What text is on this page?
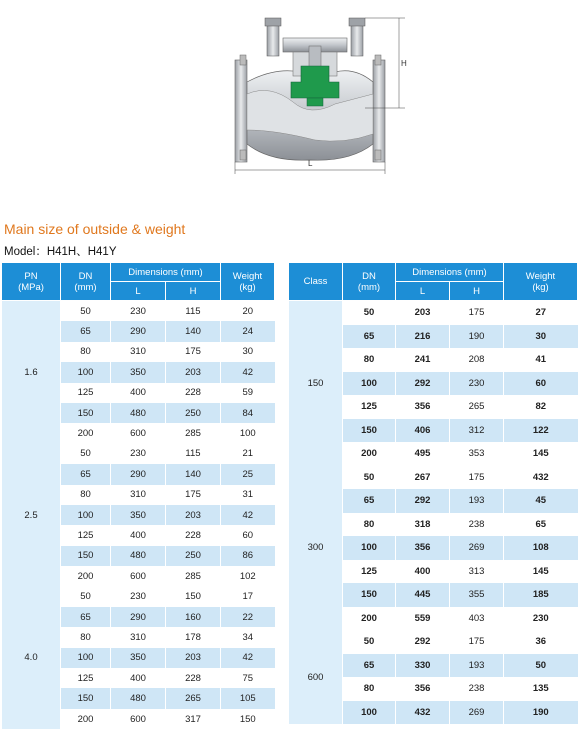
H
L
Main size of outside & weight
Model：H41H、H41Y
PN
(MPa)	DN
(mm)	Dimensions (mm)		Weight
(kg)
		L	H	
1.6	50	230	115	20
	65	290	140	24
	80	310	175	30
	100	350	203	42
	125	400	228	59
	150	480	250	84
	200	600	285	100
2.5	50	230	115	21
	65	290	140	25
	80	310	175	31
	100	350	203	42
	125	400	228	60
	150	480	250	86
	200	600	285	102
4.0	50	230	150	17
	65	290	160	22
	80	310	178	34
	100	350	203	42
	125	400	228	75
	150	480	265	105
	200	600	317	150
Class	DN
(mm)	Dimensions (mm)		Weight
(kg)
		L	H	
150	50	203	175	27
	65	216	190	30
	80	241	208	41
	100	292	230	60
	125	356	265	82
	150	406	312	122
	200	495	353	145
300	50	267	175	432
	65	292	193	45
	80	318	238	65
	100	356	269	108
	125	400	313	145
	150	445	355	185
	200	559	403	230
600	50	292	175	36
	65	330	193	50
	80	356	238	135
	100	432	269	190
